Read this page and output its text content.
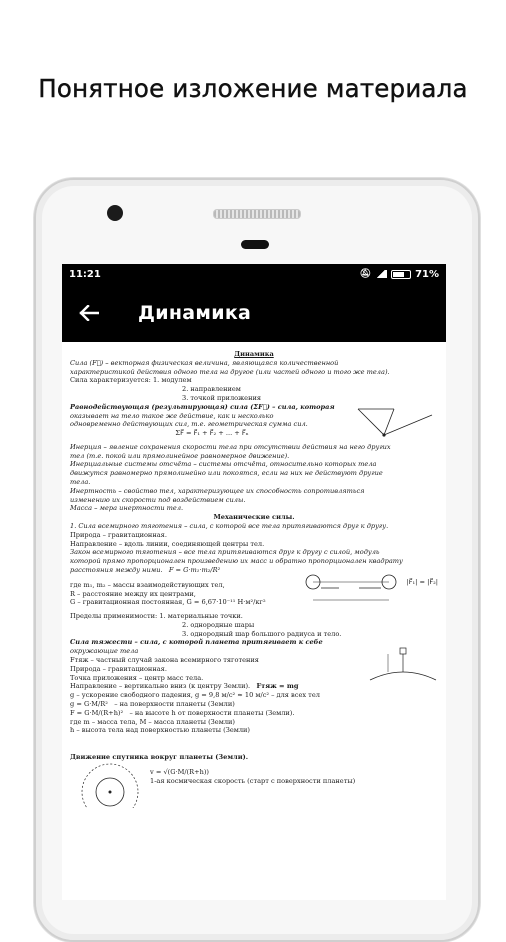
Понятное изложение материала
11:21	🔕︎	71%
Динамика

Динамика

Сила (F⃗) – векторная физическая величина, являющаяся количественной

характеристикой действия одного тела на другое (или частей одного и того же тела).

Сила характеризуется: 1. модулем

2. направлением

3. точкой приложения

Равнодействующая (результирующая) сила (ΣF⃗) – сила, которая

оказывает на тело такое же действие, как и несколько

одновременно действующих сил, т.е. геометрическая сумма сил.

ΣF⃗ = F⃗₁ + F⃗₂ + ... + F⃗ₙ

Инерция – явление сохранения скорости тела при отсутствии действия на него других

тел (т.е. покой или прямолинейное равномерное движение).

Инерциальные системы отсчёта – системы отсчёта, относительно которых тела

движутся равномерно прямолинейно или покоятся, если на них не действуют другие

тела.

Инертность – свойство тел, характеризующее их способность сопротивляться

изменению их скорости под воздействием силы.

Масса – мера инертности тел.

Механические силы.

1. Сила всемирного тяготения – сила, с которой все тела притягиваются друг к другу.

Природа – гравитационная.

Направление – вдоль линии, соединяющей центры тел.

Закон всемирного тяготения – все тела притягиваются друг к другу с силой, модуль

которой прямо пропорционален произведению их масс и обратно пропорционален квадрату

расстояния между ними. F = G·m₁·m₂/R²

где m₁, m₂ – массы взаимодействующих тел,

R – расстояние между их центрами,

G – гравитационная постоянная, G = 6,67·10⁻¹¹ Н·м²/кг²

|F⃗₁| = |F⃗₂|

Пределы применимости: 1. материальные точки.

2. однородные шары

3. однородный шар большого радиуса и тело.

Сила тяжести – сила, с которой планета притягивает к себе

окружающие тела

Fтяж – частный случай закона всемирного тяготения

Природа – гравитационная.

Точка приложения – центр масс тела.

Направление – вертикально вниз (к центру Земли). Fтяж = mg

g – ускорение свободного падения, g = 9,8 м/с² ≈ 10 м/с² – для всех тел

g = G·M/R² – на поверхности планеты (Земли)

F = G·M/(R+h)² – на высоте h от поверхности планеты (Земли).

где m – масса тела, M – масса планеты (Земли)

h – высота тела над поверхностью планеты (Земли)

Движение спутника вокруг планеты (Земли).

v = √(G·M/(R+h))

1-ая космическая скорость (старт с поверхности планеты)
